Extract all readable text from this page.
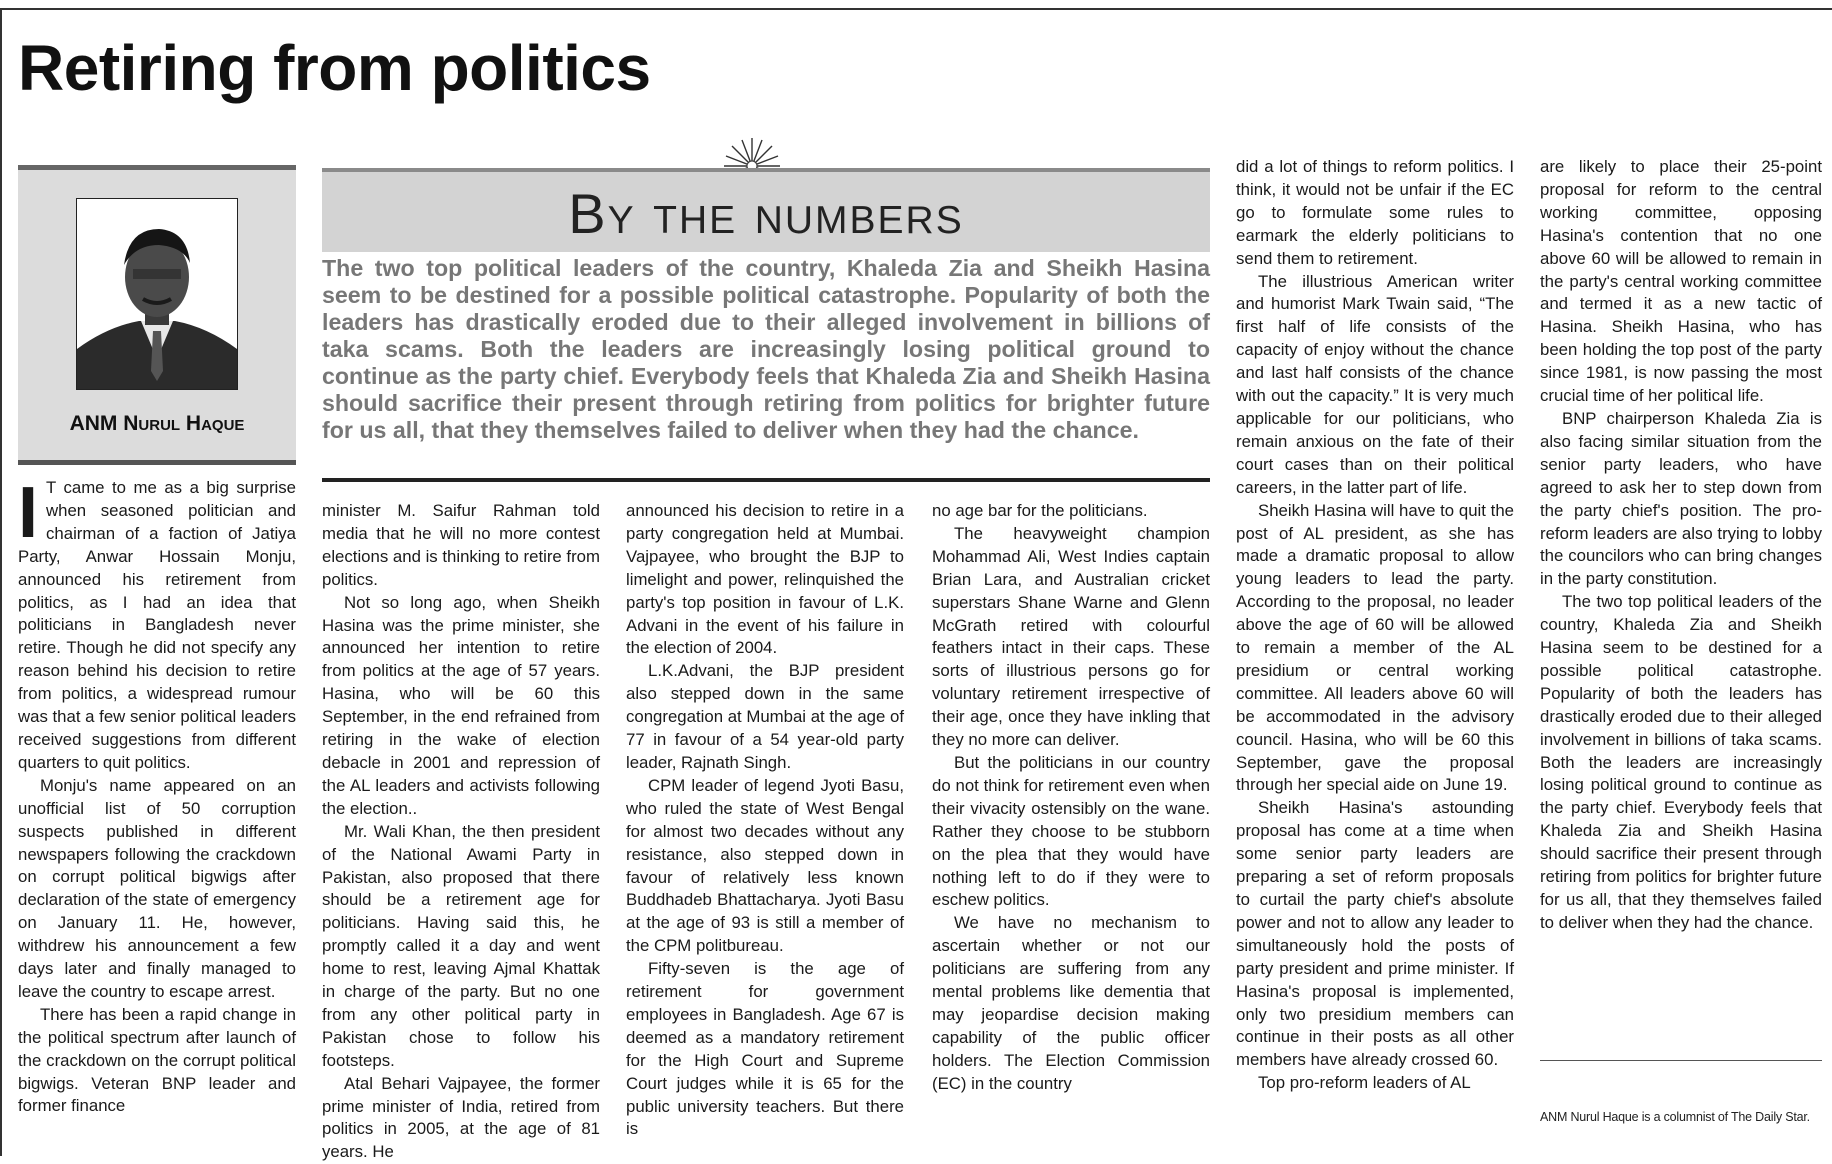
Retiring from politics
ANM Nurul Haque
By the numbers

The two top political leaders of the country, Khaleda Zia and Sheikh Hasina seem to be destined for a possible political catastrophe. Popularity of both the leaders has drastically eroded due to their alleged involvement in billions of taka scams. Both the leaders are increasingly losing political ground to continue as the party chief. Everybody feels that Khaleda Zia and Sheikh Hasina should sacrifice their present through retiring from politics for brighter future for us all, that they themselves failed to deliver when they had the chance.

I T came to me as a big surprise when seasoned politician and chairman of a faction of Jatiya Party, Anwar Hossain Monju, announced his retirement from politics, as I had an idea that politicians in Bangladesh never retire. Though he did not specify any reason behind his decision to retire from politics, a widespread rumour was that a few senior political leaders received suggestions from different quarters to quit politics.

Monju's name appeared on an unofficial list of 50 corruption suspects published in different newspapers following the crackdown on corrupt political bigwigs after declaration of the state of emergency on January 11. He, however, withdrew his announcement a few days later and finally managed to leave the country to escape arrest.

There has been a rapid change in the political spectrum after launch of the crackdown on the corrupt political bigwigs. Veteran BNP leader and former finance

minister M. Saifur Rahman told media that he will no more contest elections and is thinking to retire from politics.

Not so long ago, when Sheikh Hasina was the prime minister, she announced her intention to retire from politics at the age of 57 years. Hasina, who will be 60 this September, in the end refrained from retiring in the wake of election debacle in 2001 and repression of the AL leaders and activists following the election..

Mr. Wali Khan, the then president of the National Awami Party in Pakistan, also proposed that there should be a retirement age for politicians. Having said this, he promptly called it a day and went home to rest, leaving Ajmal Khattak in charge of the party. But no one from any other political party in Pakistan chose to follow his footsteps.

Atal Behari Vajpayee, the former prime minister of India, retired from politics in 2005, at the age of 81 years. He

announced his decision to retire in a party congregation held at Mumbai. Vajpayee, who brought the BJP to limelight and power, relinquished the party's top position in favour of L.K. Advani in the event of his failure in the election of 2004.

L.K.Advani, the BJP president also stepped down in the same congregation at Mumbai at the age of 77 in favour of a 54 year-old party leader, Rajnath Singh.

CPM leader of legend Jyoti Basu, who ruled the state of West Bengal for almost two decades without any resistance, also stepped down in favour of relatively less known Buddhadeb Bhattacharya. Jyoti Basu at the age of 93 is still a member of the CPM politbureau.

Fifty-seven is the age of retirement for government employees in Bangladesh. Age 67 is deemed as a mandatory retirement for the High Court and Supreme Court judges while it is 65 for the public university teachers. But there is

no age bar for the politicians.

The heavyweight champion Mohammad Ali, West Indies captain Brian Lara, and Australian cricket superstars Shane Warne and Glenn McGrath retired with colourful feathers intact in their caps. These sorts of illustrious persons go for voluntary retirement irrespective of their age, once they have inkling that they no more can deliver.

But the politicians in our country do not think for retirement even when their vivacity ostensibly on the wane. Rather they choose to be stubborn on the plea that they would have nothing left to do if they were to eschew politics.

We have no mechanism to ascertain whether or not our politicians are suffering from any mental problems like dementia that may jeopardise decision making capability of the public officer holders. The Election Commission (EC) in the country

did a lot of things to reform politics. I think, it would not be unfair if the EC go to formulate some rules to earmark the elderly politicians to send them to retirement.

The illustrious American writer and humorist Mark Twain said, “The first half of life consists of the capacity of enjoy without the chance and last half consists of the chance with out the capacity.” It is very much applicable for our politicians, who remain anxious on the fate of their court cases than on their political careers, in the latter part of life.

Sheikh Hasina will have to quit the post of AL president, as she has made a dramatic proposal to allow young leaders to lead the party. According to the proposal, no leader above the age of 60 will be allowed to remain a member of the AL presidium or central working committee. All leaders above 60 will be accommodated in the advisory council. Hasina, who will be 60 this September, gave the proposal through her special aide on June 19.

Sheikh Hasina's astounding proposal has come at a time when some senior party leaders are preparing a set of reform proposals to curtail the party chief's absolute power and not to allow any leader to simultaneously hold the posts of party president and prime minister. If Hasina's proposal is implemented, only two presidium members can continue in their posts as all other members have already crossed 60.

Top pro-reform leaders of AL

are likely to place their 25-point proposal for reform to the central working committee, opposing Hasina's contention that no one above 60 will be allowed to remain in the party's central working committee and termed it as a new tactic of Hasina. Sheikh Hasina, who has been holding the top post of the party since 1981, is now passing the most crucial time of her political life.

BNP chairperson Khaleda Zia is also facing similar situation from the senior party leaders, who have agreed to ask her to step down from the party chief's position. The pro-reform leaders are also trying to lobby the councilors who can bring changes in the party constitution.

The two top political leaders of the country, Khaleda Zia and Sheikh Hasina seem to be destined for a possible political catastrophe. Popularity of both the leaders has drastically eroded due to their alleged involvement in billions of taka scams. Both the leaders are increasingly losing political ground to continue as the party chief. Everybody feels that Khaleda Zia and Sheikh Hasina should sacrifice their present through retiring from politics for brighter future for us all, that they themselves failed to deliver when they had the chance.

ANM Nurul Haque is a columnist of The Daily Star.
